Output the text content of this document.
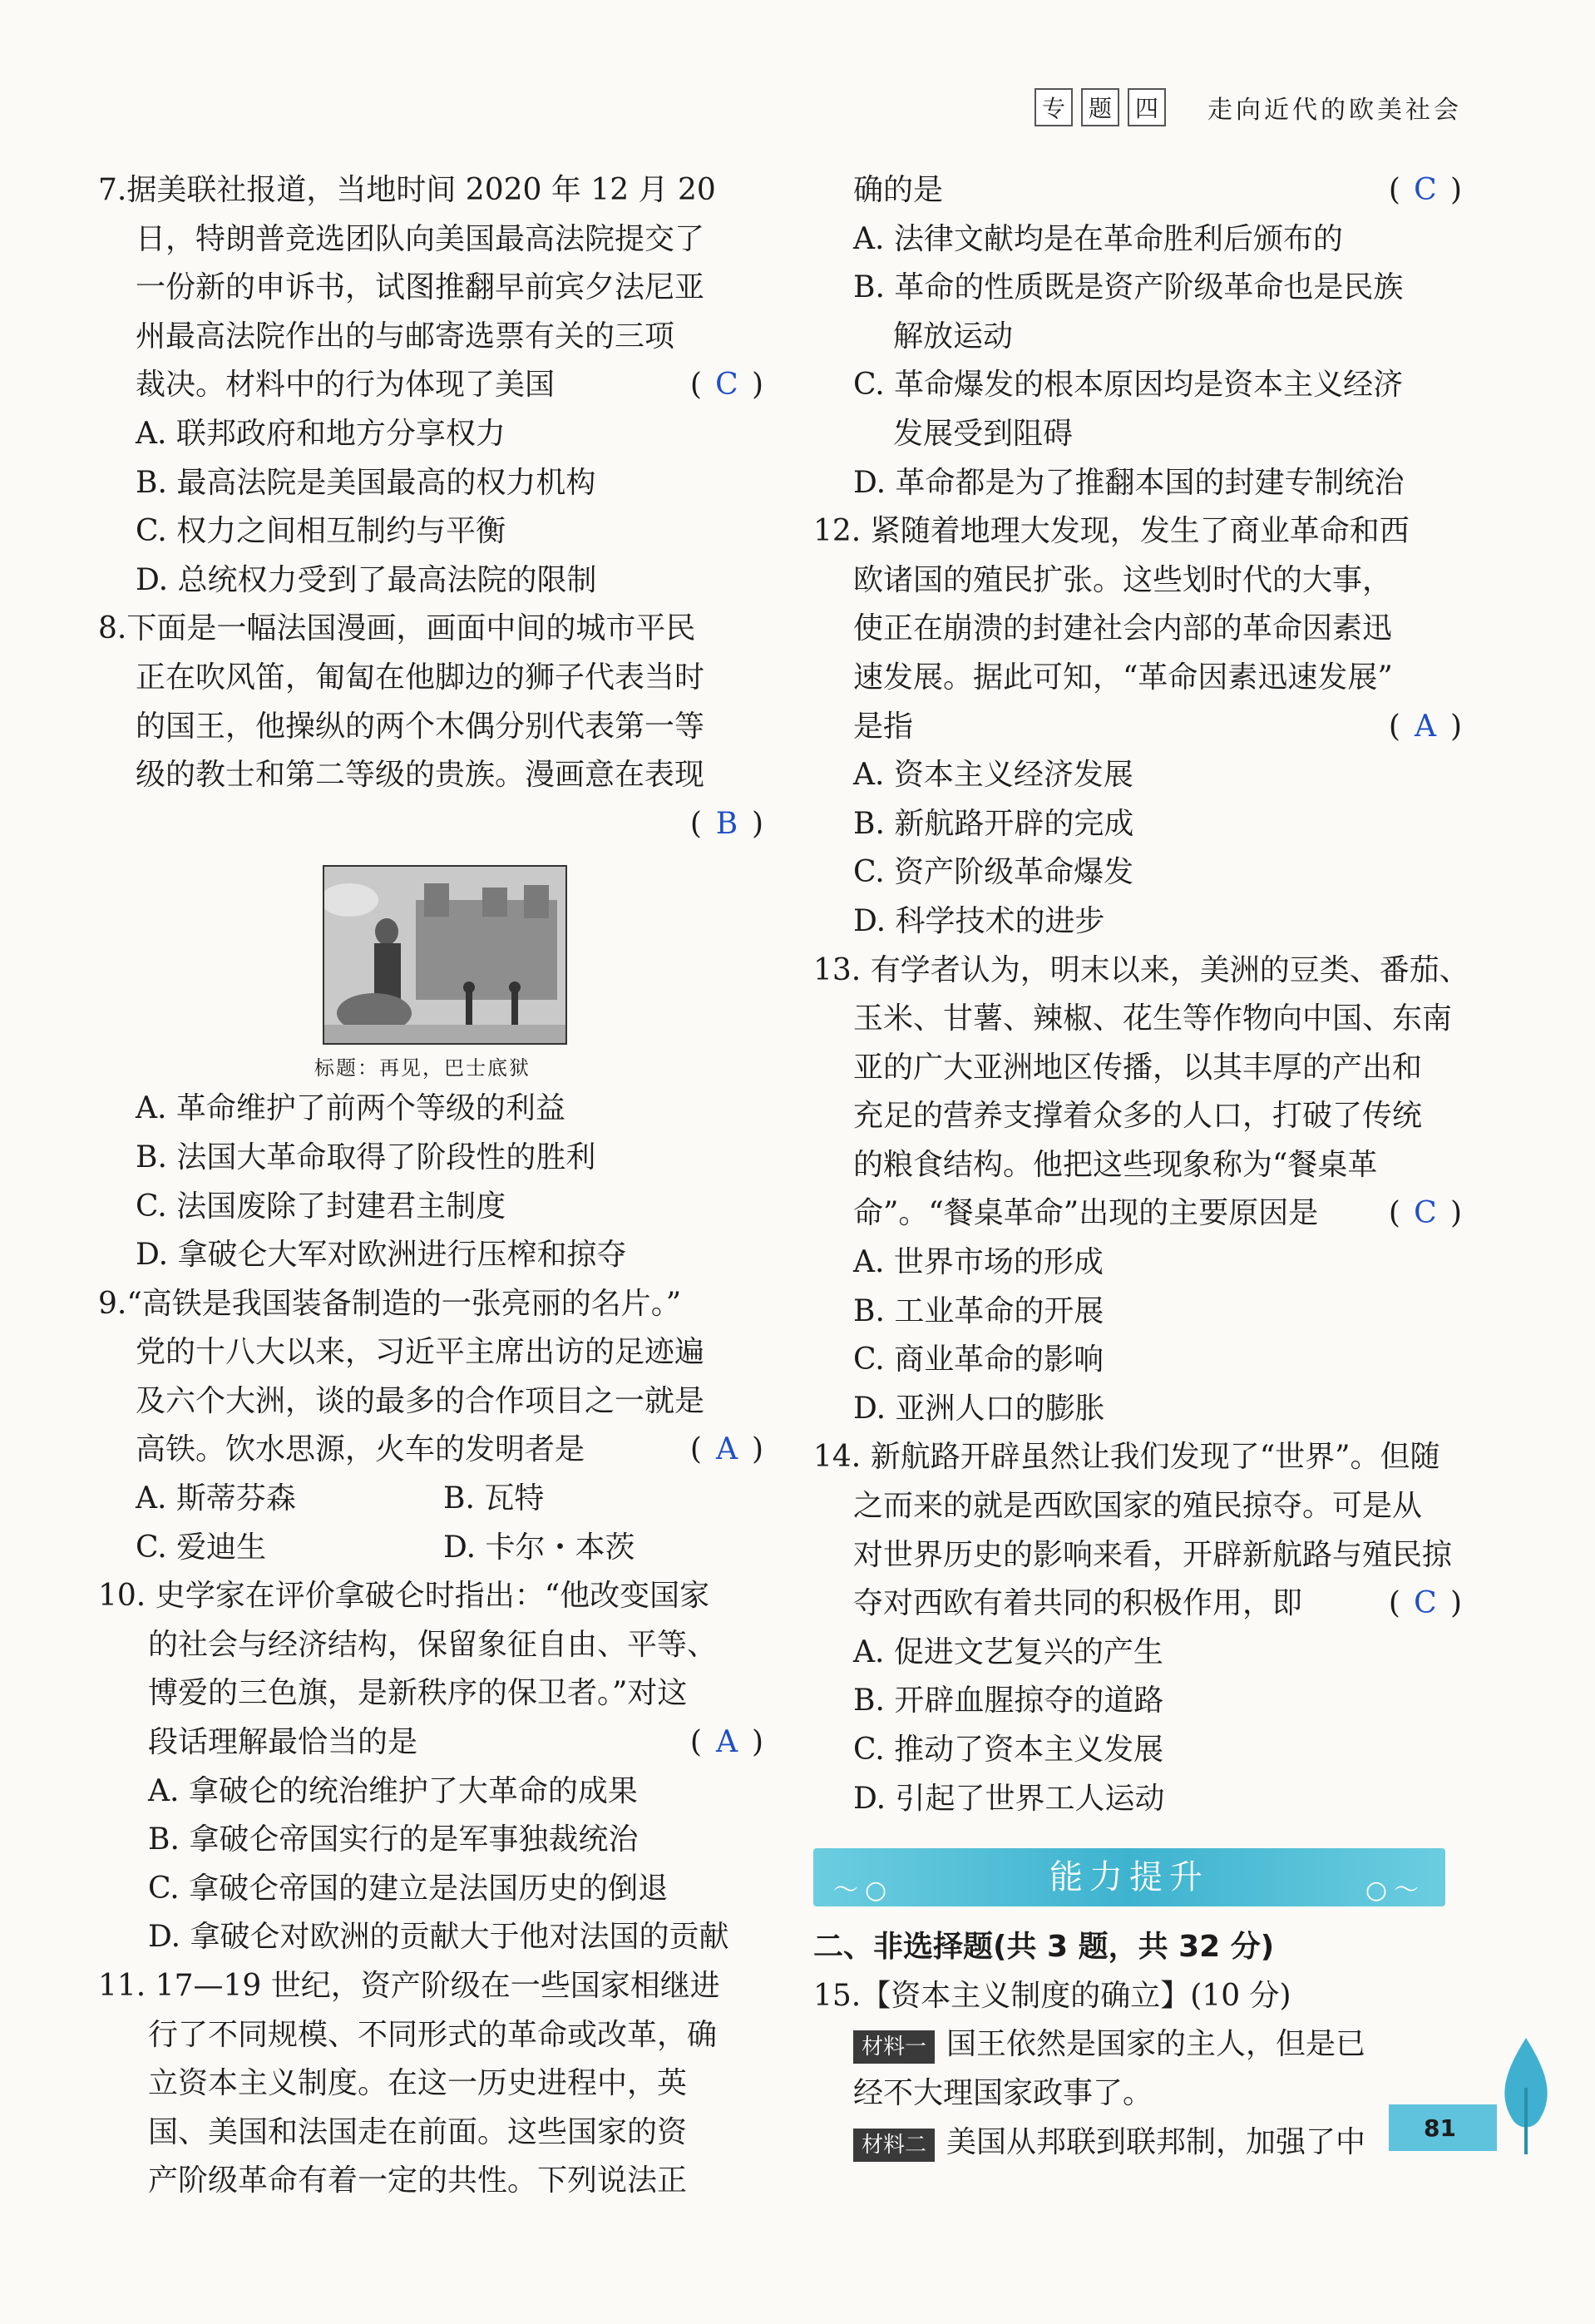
专 题 四	走向近代的欧美社会
7.据美联社报道，当地时间 2020 年 12 月 20
日，特朗普竞选团队向美国最高法院提交了
一份新的申诉书，试图推翻早前宾夕法尼亚
州最高法院作出的与邮寄选票有关的三项
裁决。材料中的行为体现了美国	( C )
A. 联邦政府和地方分享权力
B. 最高法院是美国最高的权力机构
C. 权力之间相互制约与平衡
D. 总统权力受到了最高法院的限制
8.下面是一幅法国漫画，画面中间的城市平民
正在吹风笛，匍匐在他脚边的狮子代表当时
的国王，他操纵的两个木偶分别代表第一等
级的教士和第二等级的贵族。漫画意在表现

( B )
标题：再见，巴士底狱
A. 革命维护了前两个等级的利益
B. 法国大革命取得了阶段性的胜利
C. 法国废除了封建君主制度
D. 拿破仑大军对欧洲进行压榨和掠夺
9.“高铁是我国装备制造的一张亮丽的名片。”
党的十八大以来，习近平主席出访的足迹遍
及六个大洲，谈的最多的合作项目之一就是
高铁。饮水思源，火车的发明者是	( A )
A. 斯蒂芬森	B. 瓦特
C. 爱迪生	D. 卡尔・本茨
10. 史学家在评价拿破仑时指出：“他改变国家
的社会与经济结构，保留象征自由、平等、
博爱的三色旗，是新秩序的保卫者。”对这
段话理解最恰当的是	( A )
A. 拿破仑的统治维护了大革命的成果
B. 拿破仑帝国实行的是军事独裁统治
C. 拿破仑帝国的建立是法国历史的倒退
D. 拿破仑对欧洲的贡献大于他对法国的贡献
11. 17—19 世纪，资产阶级在一些国家相继进
行了不同规模、不同形式的革命或改革，确
立资本主义制度。在这一历史进程中，英
国、美国和法国走在前面。这些国家的资
产阶级革命有着一定的共性。下列说法正
确的是	( C )
A. 法律文献均是在革命胜利后颁布的
B. 革命的性质既是资产阶级革命也是民族
解放运动
C. 革命爆发的根本原因均是资本主义经济
发展受到阻碍
D. 革命都是为了推翻本国的封建专制统治
12. 紧随着地理大发现，发生了商业革命和西
欧诸国的殖民扩张。这些划时代的大事，
使正在崩溃的封建社会内部的革命因素迅
速发展。据此可知，“革命因素迅速发展”
是指	( A )
A. 资本主义经济发展
B. 新航路开辟的完成
C. 资产阶级革命爆发
D. 科学技术的进步
13. 有学者认为，明末以来，美洲的豆类、番茄、
玉米、甘薯、辣椒、花生等作物向中国、东南
亚的广大亚洲地区传播，以其丰厚的产出和
充足的营养支撑着众多的人口，打破了传统
的粮食结构。他把这些现象称为“餐桌革
命”。“餐桌革命”出现的主要原因是 ( C )
A. 世界市场的形成
B. 工业革命的开展
C. 商业革命的影响
D. 亚洲人口的膨胀
14. 新航路开辟虽然让我们发现了“世界”。但随
之而来的就是西欧国家的殖民掠夺。可是从
对世界历史的影响来看，开辟新航路与殖民掠
夺对西欧有着共同的积极作用，即	( C )
A. 促进文艺复兴的产生
B. 开辟血腥掠夺的道路
C. 推动了资本主义发展
D. 引起了世界工人运动
～○	能力提升	○～
二、非选择题(共 3 题，共 32 分)
15.【资本主义制度的确立】(10 分)
材料一 国王依然是国家的主人，但是已
经不大理国家政事了。
材料二 美国从邦联到联邦制，加强了中	81
